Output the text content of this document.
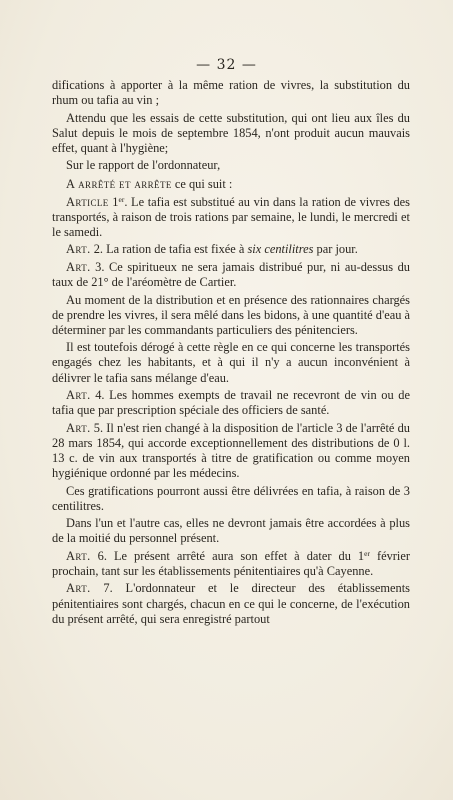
— 32 —

difications à apporter à la même ration de vivres, la substitution du rhum ou tafia au vin ;

Attendu que les essais de cette substitution, qui ont lieu aux îles du Salut depuis le mois de septembre 1854, n'ont produit aucun mauvais effet, quant à l'hygiène;

Sur le rapport de l'ordonnateur,

A arrêté et arrête ce qui suit :

Article 1er. Le tafia est substitué au vin dans la ration de vivres des transportés, à raison de trois rations par semaine, le lundi, le mercredi et le samedi.

Art. 2. La ration de tafia est fixée à six centilitres par jour.

Art. 3. Ce spiritueux ne sera jamais distribué pur, ni au-dessus du taux de 21° de l'aréomètre de Cartier.

Au moment de la distribution et en présence des rationnaires chargés de prendre les vivres, il sera mêlé dans les bidons, à une quantité d'eau à déterminer par les commandants particuliers des pénitenciers.

Il est toutefois dérogé à cette règle en ce qui concerne les transportés engagés chez les habitants, et à qui il n'y a aucun inconvénient à délivrer le tafia sans mélange d'eau.

Art. 4. Les hommes exempts de travail ne recevront de vin ou de tafia que par prescription spéciale des officiers de santé.

Art. 5. Il n'est rien changé à la disposition de l'article 3 de l'arrêté du 28 mars 1854, qui accorde exceptionnellement des distributions de 0 l. 13 c. de vin aux transportés à titre de gratification ou comme moyen hygiénique ordonné par les médecins.

Ces gratifications pourront aussi être délivrées en tafia, à raison de 3 centilitres.

Dans l'un et l'autre cas, elles ne devront jamais être accordées à plus de la moitié du personnel présent.

Art. 6. Le présent arrêté aura son effet à dater du 1er février prochain, tant sur les établissements pénitentiaires qu'à Cayenne.

Art. 7. L'ordonnateur et le directeur des établissements pénitentiaires sont chargés, chacun en ce qui le concerne, de l'exécution du présent arrêté, qui sera enregistré partout
